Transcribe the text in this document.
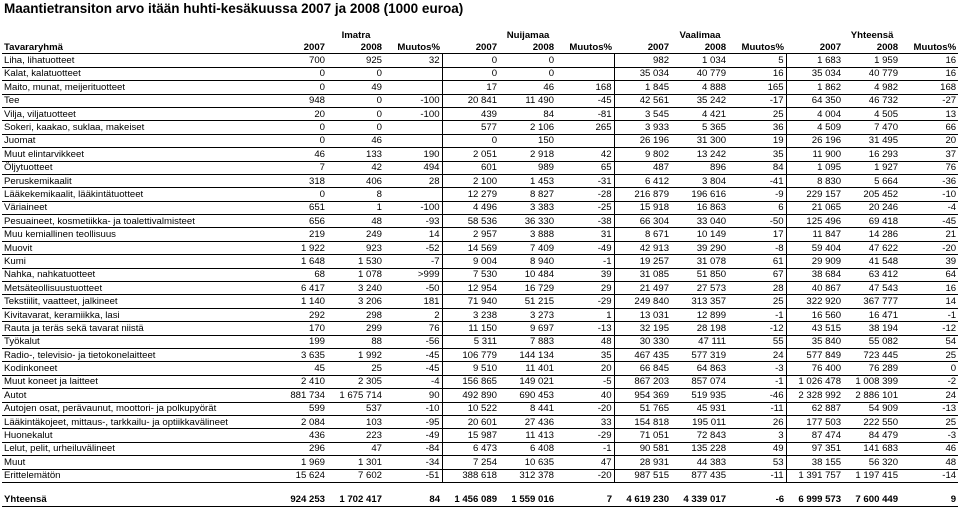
Maantietransiton arvo itään huhti-kesäkuussa 2007 ja 2008 (1000 euroa)
	Imatra			Nuijamaa			Vaalimaa			Yhteensä		
Tavararyhmä	2007	2008	Muutos%	2007	2008	Muutos%	2007	2008	Muutos%	2007	2008	Muutos%
Liha, lihatuotteet	700	925	32	0	0		982	1 034	5	1 683	1 959	16
Kalat, kalatuotteet	0	0		0	0		35 034	40 779	16	35 034	40 779	16
Maito, munat, meijerituotteet	0	49		17	46	168	1 845	4 888	165	1 862	4 982	168
Tee	948	0	-100	20 841	11 490	-45	42 561	35 242	-17	64 350	46 732	-27
Vilja, viljatuotteet	20	0	-100	439	84	-81	3 545	4 421	25	4 004	4 505	13
Sokeri, kaakao, suklaa, makeiset	0	0		577	2 106	265	3 933	5 365	36	4 509	7 470	66
Juomat	0	46		0	150		26 196	31 300	19	26 196	31 495	20
Muut elintarvikkeet	46	133	190	2 051	2 918	42	9 802	13 242	35	11 900	16 293	37
Öljytuotteet	7	42	494	601	989	65	487	896	84	1 095	1 927	76
Peruskemikaalit	318	406	28	2 100	1 453	-31	6 412	3 804	-41	8 830	5 664	-36
Lääkekemikaalit, lääkintätuotteet	0	8		12 279	8 827	-28	216 879	196 616	-9	229 157	205 452	-10
Väriaineet	651	1	-100	4 496	3 383	-25	15 918	16 863	6	21 065	20 246	-4
Pesuaineet, kosmetiikka- ja toalettivalmisteet	656	48	-93	58 536	36 330	-38	66 304	33 040	-50	125 496	69 418	-45
Muu kemiallinen teollisuus	219	249	14	2 957	3 888	31	8 671	10 149	17	11 847	14 286	21
Muovit	1 922	923	-52	14 569	7 409	-49	42 913	39 290	-8	59 404	47 622	-20
Kumi	1 648	1 530	-7	9 004	8 940	-1	19 257	31 078	61	29 909	41 548	39
Nahka, nahkatuotteet	68	1 078	>999	7 530	10 484	39	31 085	51 850	67	38 684	63 412	64
Metsäteollisuustuotteet	6 417	3 240	-50	12 954	16 729	29	21 497	27 573	28	40 867	47 543	16
Tekstiilit, vaatteet, jalkineet	1 140	3 206	181	71 940	51 215	-29	249 840	313 357	25	322 920	367 777	14
Kivitavarat, keramiikka, lasi	292	298	2	3 238	3 273	1	13 031	12 899	-1	16 560	16 471	-1
Rauta ja teräs sekä tavarat niistä	170	299	76	11 150	9 697	-13	32 195	28 198	-12	43 515	38 194	-12
Työkalut	199	88	-56	5 311	7 883	48	30 330	47 111	55	35 840	55 082	54
Radio-, televisio- ja tietokonelaitteet	3 635	1 992	-45	106 779	144 134	35	467 435	577 319	24	577 849	723 445	25
Kodinkoneet	45	25	-45	9 510	11 401	20	66 845	64 863	-3	76 400	76 289	0
Muut koneet ja laitteet	2 410	2 305	-4	156 865	149 021	-5	867 203	857 074	-1	1 026 478	1 008 399	-2
Autot	881 734	1 675 714	90	492 890	690 453	40	954 369	519 935	-46	2 328 992	2 886 101	24
Autojen osat, perävaunut, moottori- ja polkupyörät	599	537	-10	10 522	8 441	-20	51 765	45 931	-11	62 887	54 909	-13
Lääkintäkojeet, mittaus-, tarkkailu- ja optiikkavälineet	2 084	103	-95	20 601	27 436	33	154 818	195 011	26	177 503	222 550	25
Huonekalut	436	223	-49	15 987	11 413	-29	71 051	72 843	3	87 474	84 479	-3
Lelut, pelit, urheiluvälineet	296	47	-84	6 473	6 408	-1	90 581	135 228	49	97 351	141 683	46
Muut	1 969	1 301	-34	7 254	10 635	47	28 931	44 383	53	38 155	56 320	48
Erittelemätön	15 624	7 602	-51	388 618	312 378	-20	987 515	877 435	-11	1 391 757	1 197 415	-14

Yhteensä	924 253	1 702 417	84	1 456 089	1 559 016	7	4 619 230	4 339 017	-6	6 999 573	7 600 449	9
